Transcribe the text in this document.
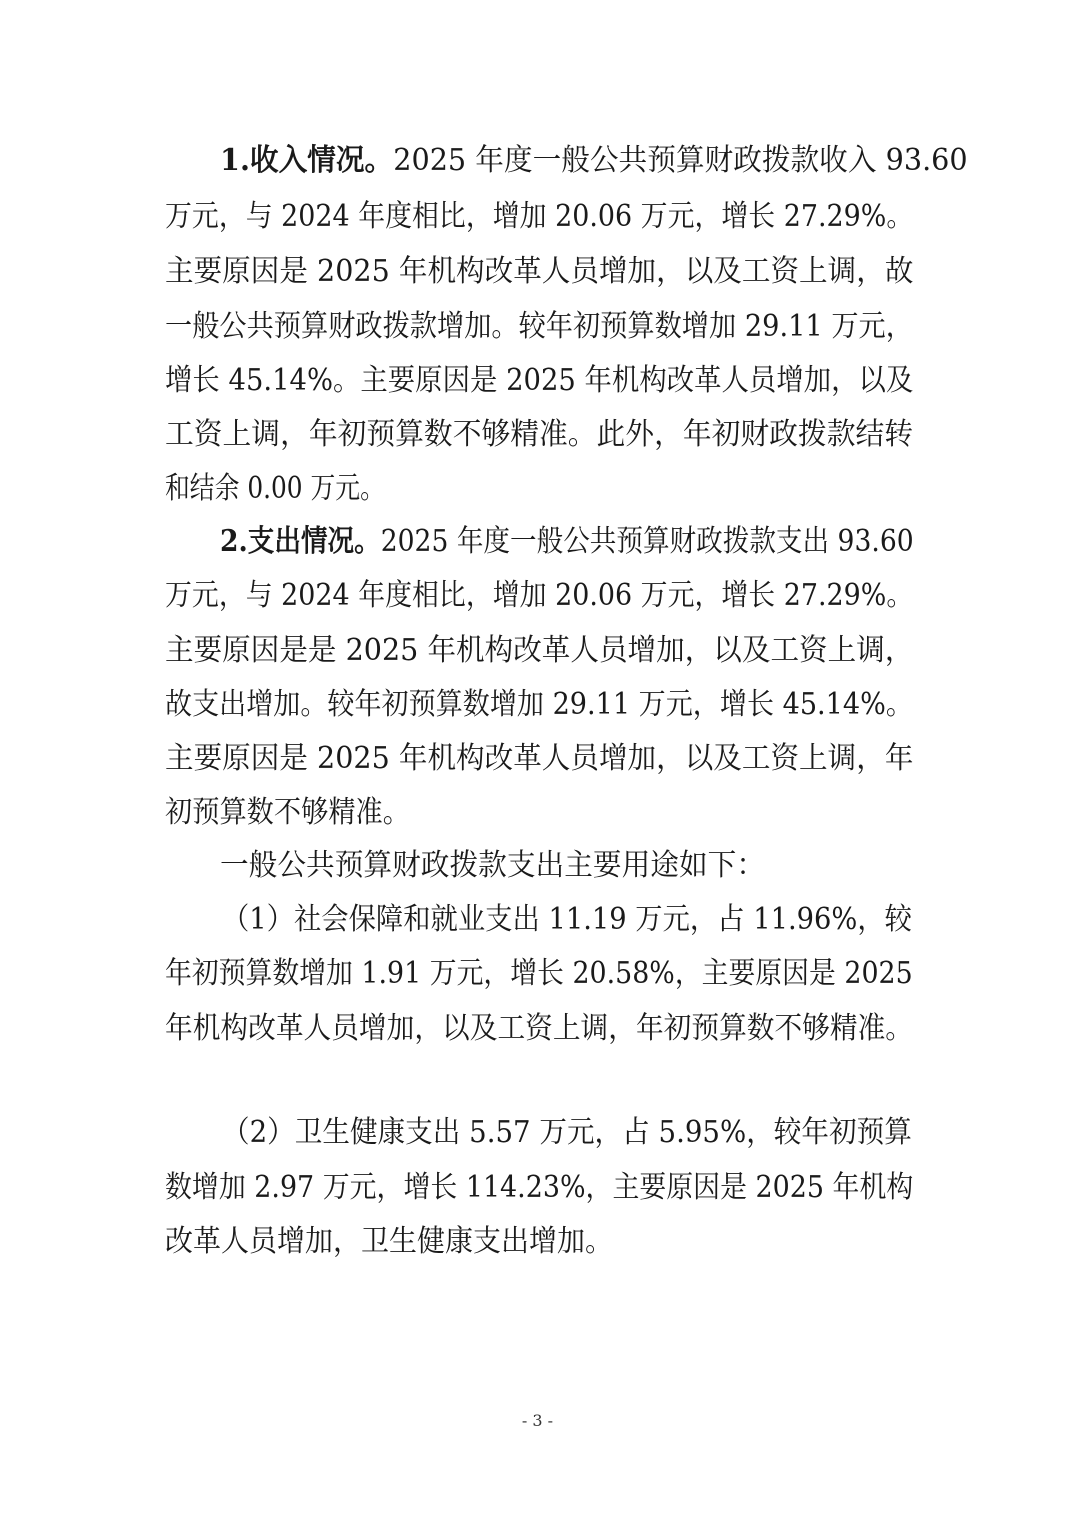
1.收入情况。2025 年度一般公共预算财政拨款收入 93.60
万元，与 2024 年度相比，增加 20.06 万元，增长 27.29%。
主要原因是 2025 年机构改革人员增加，以及工资上调，故
一般公共预算财政拨款增加。较年初预算数增加 29.11 万元，
增长 45.14%。主要原因是 2025 年机构改革人员增加，以及
工资上调，年初预算数不够精准。此外，年初财政拨款结转
和结余 0.00 万元。
2.支出情况。2025 年度一般公共预算财政拨款支出 93.60
万元，与 2024 年度相比，增加 20.06 万元，增长 27.29%。
主要原因是是 2025 年机构改革人员增加，以及工资上调，
故支出增加。较年初预算数增加 29.11 万元，增长 45.14%。
主要原因是 2025 年机构改革人员增加，以及工资上调，年
初预算数不够精准。
一般公共预算财政拨款支出主要用途如下：
（1）社会保障和就业支出 11.19 万元，占 11.96%，较
年初预算数增加 1.91 万元，增长 20.58%，主要原因是 2025
年机构改革人员增加，以及工资上调，年初预算数不够精准。
（2）卫生健康支出 5.57 万元，占 5.95%，较年初预算
数增加 2.97 万元，增长 114.23%，主要原因是 2025 年机构
改革人员增加，卫生健康支出增加。
- 3 -
